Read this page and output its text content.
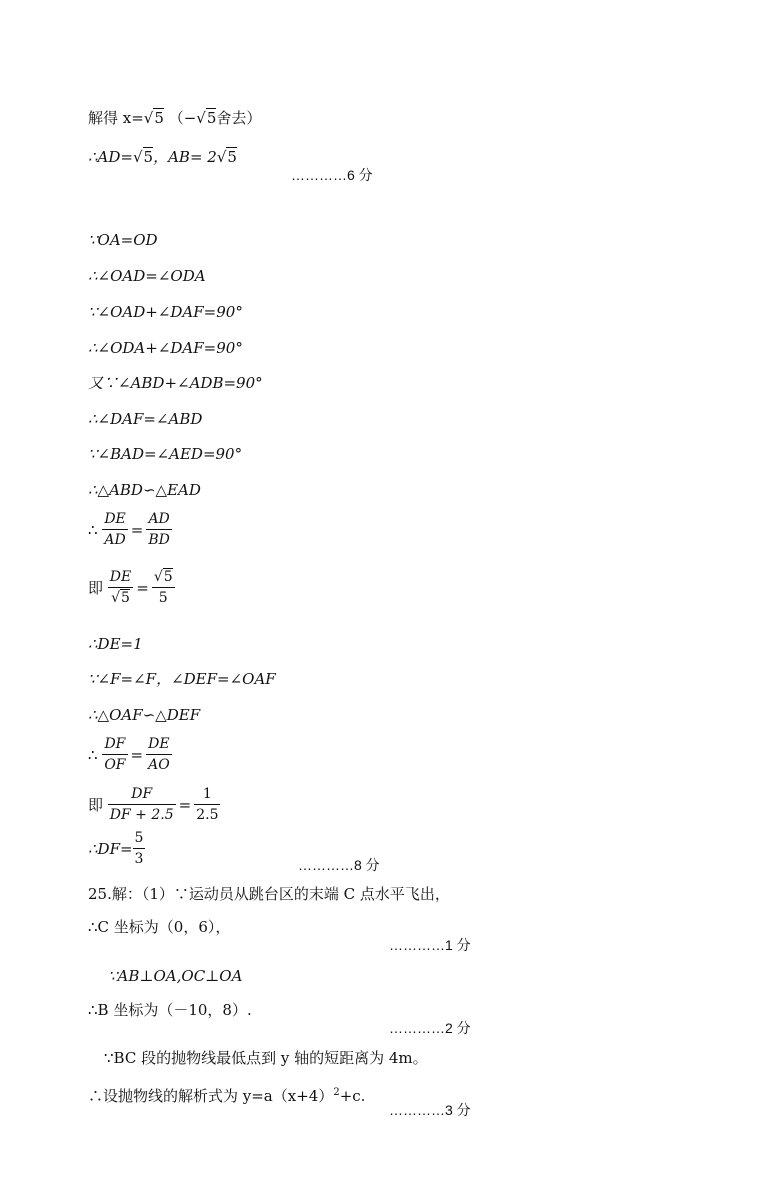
解得 x=√5 （−√5舍去）
∴AD=√5，AB= 2√5
…………6 分
∵OA=OD
∴∠OAD=∠ODA
∵∠OAD+∠DAF=90°
∴∠ODA+∠DAF=90°
又∵∠ABD+∠ADB=90°
∴∠DAF=∠ABD
∵∠BAD=∠AED=90°
∴△ABD∽△EAD
∴ $\frac{DE}{AD} = \frac{AD}{BD}$
即 $\frac{DE}{√5} = \frac{√5}{5}$
∴DE=1
∵∠F=∠F，∠DEF=∠OAF
∴△OAF∽△DEF
∴ $\frac{DF}{OF} = \frac{DE}{AO}$
即 $\frac{DF}{DF + 2.5} = \frac{1}{2.5}$
∴DF= $\frac{5}{3}$	…………8 分
25.解：（1）∵运动员从跳台区的末端 C 点水平飞出，
∴C 坐标为（0，6），
…………1 分
∵AB⊥OA,OC⊥OA
∴B 坐标为（－10，8）.
…………2 分
∵BC 段的抛物线最低点到 y 轴的短距离为 4m。
∴设抛物线的解析式为 $y=a(x+4)^2+c$.
…………3 分
